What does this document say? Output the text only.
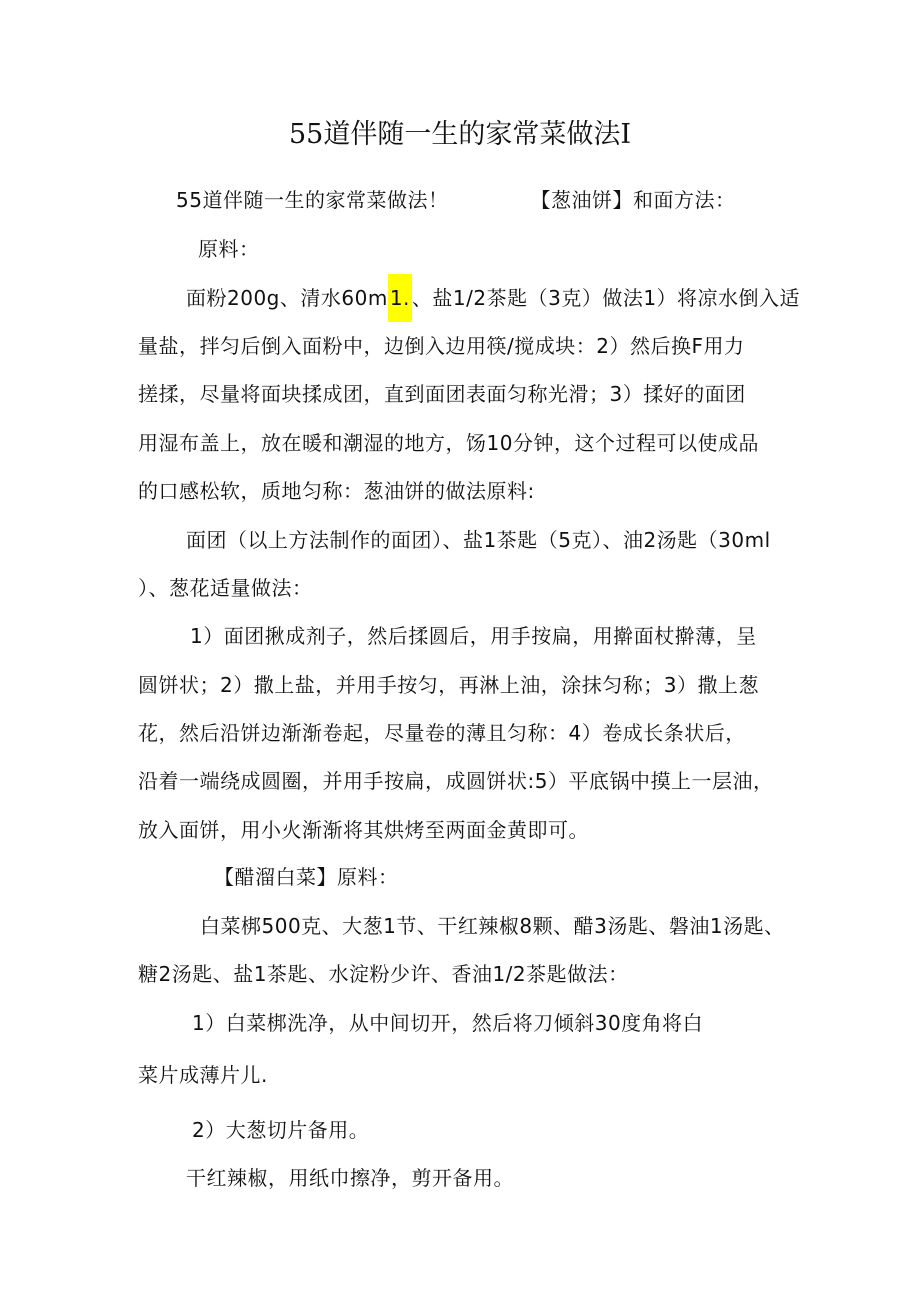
55道伴随一生的家常菜做法I
55道伴随一生的家常菜做法！	【葱油饼】和面方法：
原料：
面粉200g、清水60m 1. 、盐1/2茶匙（3克）做法1）将凉水倒入适
量盐，拌匀后倒入面粉中，边倒入边用筷/搅成块：2）然后换F用力
搓揉，尽量将面块揉成团，直到面团表面匀称光滑；3）揉好的面团
用湿布盖上，放在暖和潮湿的地方，饧10分钟，这个过程可以使成品
的口感松软，质地匀称：葱油饼的做法原料:
面团（以上方法制作的面团）、盐1茶匙（5克）、油2汤匙（30ml
）、葱花适量做法：
1）面团揪成剂子，然后揉圆后，用手按扁，用擀面杖擀薄，呈
圆饼状；2）撒上盐，并用手按匀，再淋上油，涂抹匀称；3）撒上葱
花，然后沿饼边渐渐卷起，尽量卷的薄且匀称：4）卷成长条状后，
沿着一端绕成圆圈，并用手按扁，成圆饼状:5）平底锅中摸上一层油，
放入面饼，用小火渐渐将其烘烤至两面金黄即可。
【醋溜白菜】原料：
白菜梆500克、大葱1节、干红辣椒8颗、醋3汤匙、磐油1汤匙、
糖2汤匙、盐1茶匙、水淀粉少许、香油1/2茶匙做法：
1）白菜梆洗净，从中间切开，然后将刀倾斜30度角将白
菜片成薄片儿.
2）大葱切片备用。
干红辣椒，用纸巾擦净，剪开备用。
